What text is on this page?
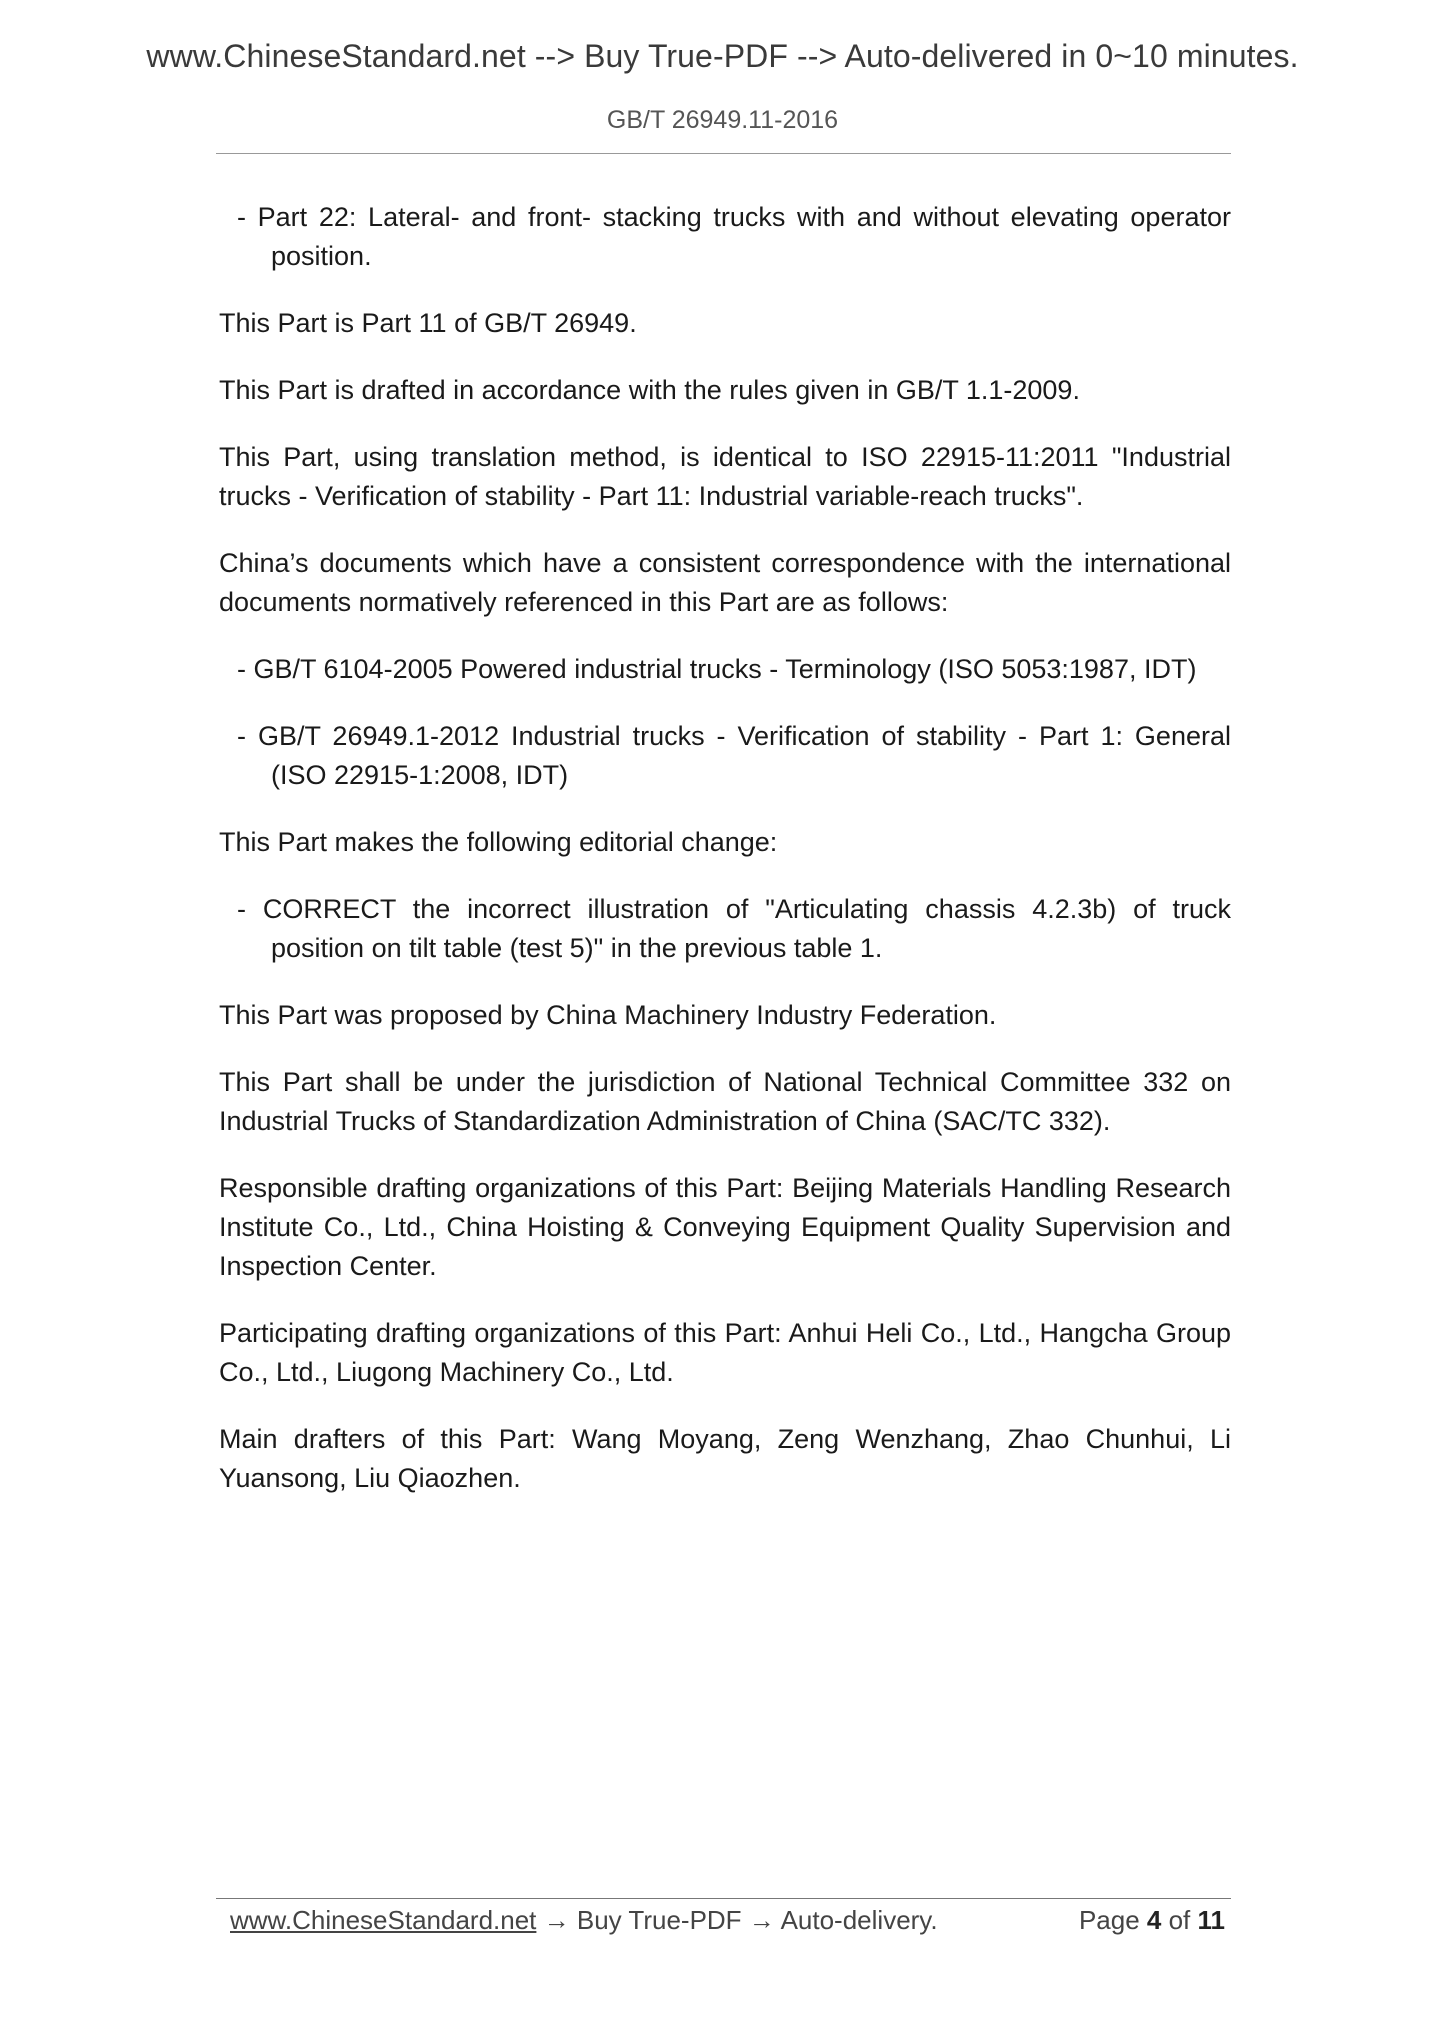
www.ChineseStandard.net --> Buy True-PDF --> Auto-delivered in 0~10 minutes.
GB/T 26949.11-2016

- Part 22: Lateral- and front- stacking trucks with and without elevating operator position.

This Part is Part 11 of GB/T 26949.

This Part is drafted in accordance with the rules given in GB/T 1.1-2009.

This Part, using translation method, is identical to ISO 22915-11:2011 "Industrial trucks - Verification of stability - Part 11: Industrial variable-reach trucks".

China’s documents which have a consistent correspondence with the international documents normatively referenced in this Part are as follows:

- GB/T 6104-2005 Powered industrial trucks - Terminology (ISO 5053:1987, IDT)

- GB/T 26949.1-2012 Industrial trucks - Verification of stability - Part 1: General (ISO 22915-1:2008, IDT)

This Part makes the following editorial change:

- CORRECT the incorrect illustration of "Articulating chassis 4.2.3b) of truck position on tilt table (test 5)" in the previous table 1.

This Part was proposed by China Machinery Industry Federation.

This Part shall be under the jurisdiction of National Technical Committee 332 on Industrial Trucks of Standardization Administration of China (SAC/TC 332).

Responsible drafting organizations of this Part: Beijing Materials Handling Research Institute Co., Ltd., China Hoisting & Conveying Equipment Quality Supervision and Inspection Center.

Participating drafting organizations of this Part: Anhui Heli Co., Ltd., Hangcha Group Co., Ltd., Liugong Machinery Co., Ltd.

Main drafters of this Part: Wang Moyang, Zeng Wenzhang, Zhao Chunhui, Li Yuansong, Liu Qiaozhen.

www.ChineseStandard.net → Buy True-PDF → Auto-delivery.	Page 4 of 11
